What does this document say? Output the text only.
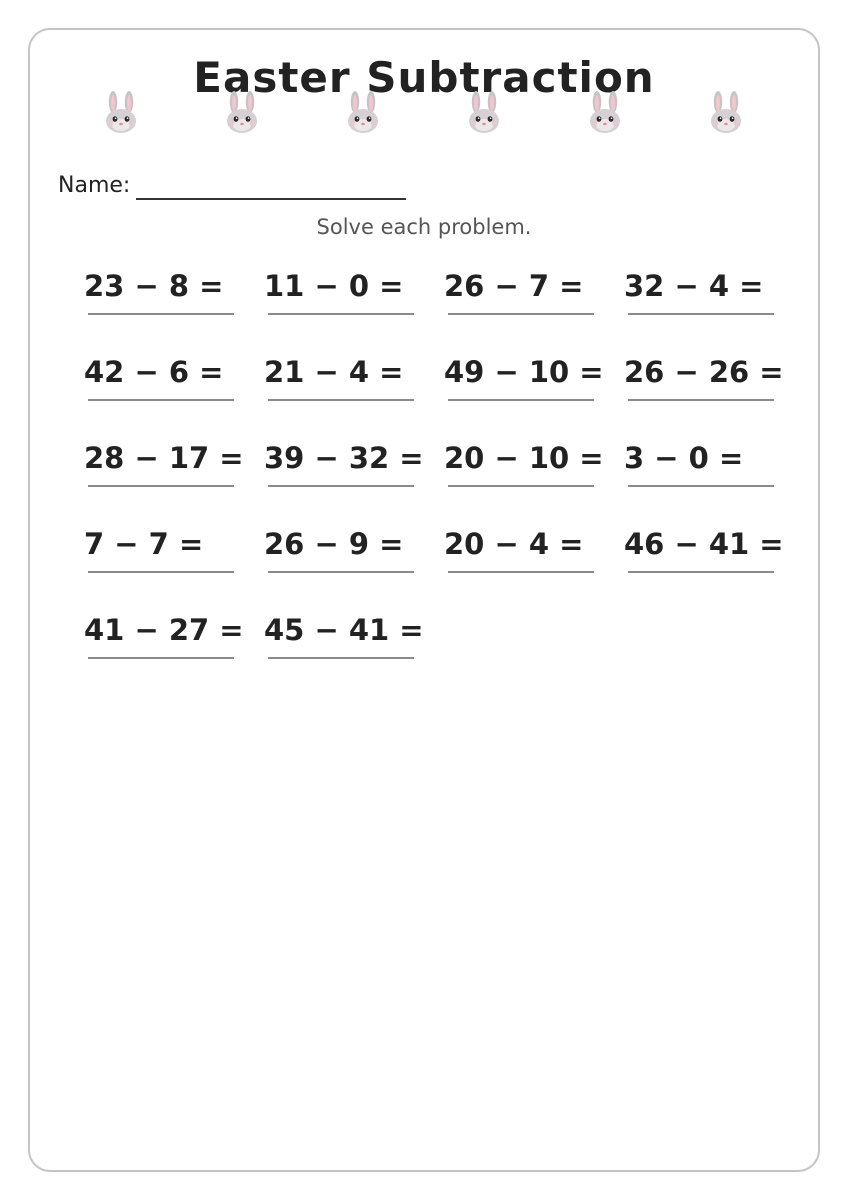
Easter Subtraction
Name:
Solve each problem.
23 − 8 = 11 − 0 = 26 − 7 = 32 − 4 =
42 − 6 = 21 − 4 = 49 − 10 = 26 − 26 =
28 − 17 = 39 − 32 = 20 − 10 = 3 − 0 =
7 − 7 = 26 − 9 = 20 − 4 = 46 − 41 =
41 − 27 = 45 − 41 =
